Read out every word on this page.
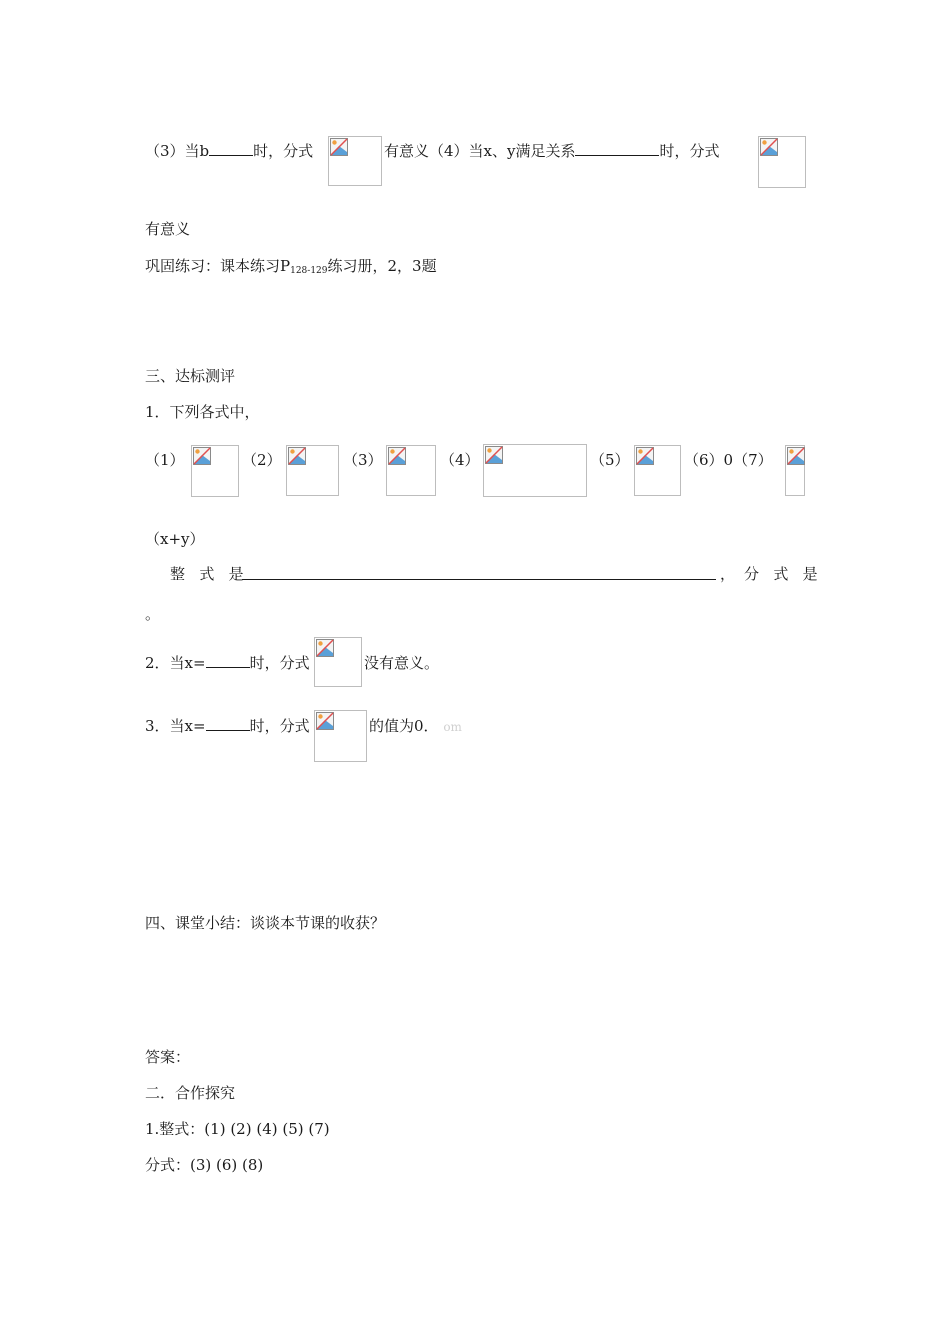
（3）当b	时，分式	有意义（4）当x、y满足关系	时，分式
有意义
巩固练习：课本练习$P_{128-129}$练习册，2，3题
三、达标测评
1．下列各式中，
（1）	（2）	（3）	（4）	（5）	（6）0（7）
（x+y）
整 式 是	， 分 式 是
。
2．当x=	时，分式	没有意义。
3．当x=	时，分式	的值为0． om
四、课堂小结：谈谈本节课的收获？
答案：
二．合作探究
1.整式：(1) (2) (4) (5) (7)
分式：(3) (6) (8)
